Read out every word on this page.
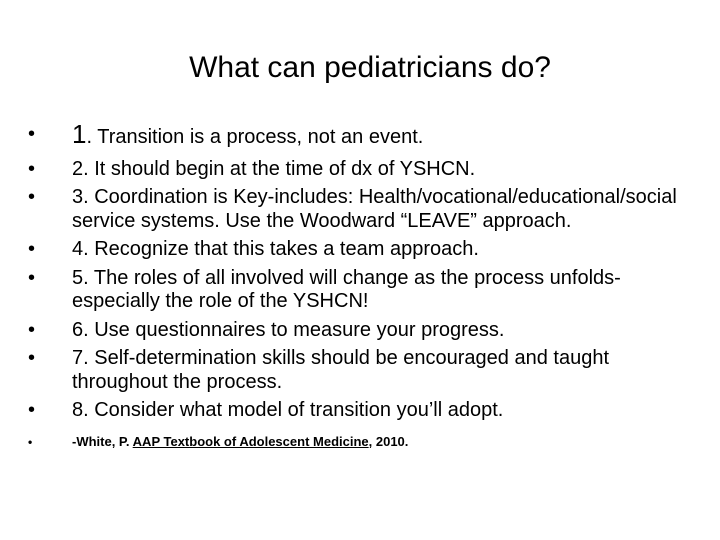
What can pediatricians do?
• 1. Transition is a process, not an event.
• 2. It should begin at the time of dx of YSHCN.
• 3. Coordination is Key-includes: Health/vocational/educational/social service systems. Use the Woodward “LEAVE” approach.
• 4. Recognize that this takes a team approach.
• 5. The roles of all involved will change as the process unfolds- especially the role of the YSHCN!
• 6. Use questionnaires to measure your progress.
• 7. Self-determination skills should be encouraged and taught throughout the process.
• 8. Consider what model of transition you’ll adopt.
•	-White, P. AAP Textbook of Adolescent Medicine, 2010.
